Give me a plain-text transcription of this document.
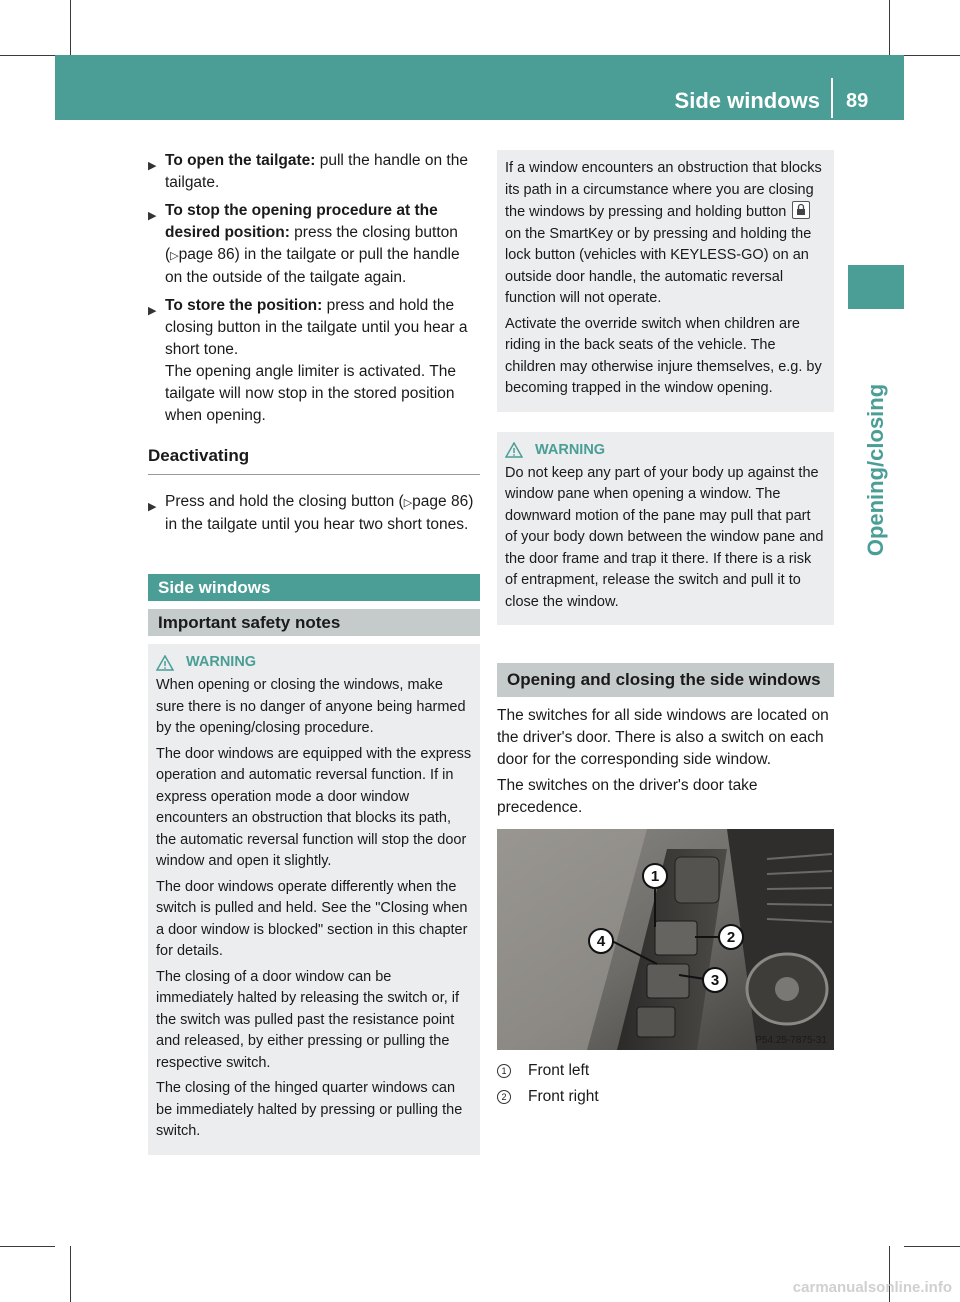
Side windows 89
Opening/closing
▶ To open the tailgate: pull the handle on the tailgate.
▶ To stop the opening procedure at the desired position: press the closing button (▷page 86) in the tailgate or pull the handle on the outside of the tailgate again.
▶ To store the position: press and hold the closing button in the tailgate until you hear a short tone.
The opening angle limiter is activated. The tailgate will now stop in the stored position when opening.
Deactivating
▶ Press and hold the closing button (▷page 86) in the tailgate until you hear two short tones.
Side windows
Important safety notes
WARNING

When opening or closing the windows, make sure there is no danger of anyone being harmed by the opening/closing procedure.

The door windows are equipped with the express operation and automatic reversal function. If in express operation mode a door window encounters an obstruction that blocks its path, the automatic reversal function will stop the door window and open it slightly.

The door windows operate differently when the switch is pulled and held. See the "Closing when a door window is blocked" section in this chapter for details.

The closing of a door window can be immediately halted by releasing the switch or, if the switch was pulled past the resistance point and released, by either pressing or pulling the respective switch.

The closing of the hinged quarter windows can be immediately halted by pressing or pulling the switch.

If a window encounters an obstruction that blocks its path in a circumstance where you are closing the windows by pressing and holding button
on the SmartKey or by pressing and holding the lock button (vehicles with KEYLESS-GO) on an outside door handle, the automatic reversal function will not operate.

Activate the override switch when children are riding in the back seats of the vehicle. The children may otherwise injure themselves, e.g. by becoming trapped in the window opening.

WARNING

Do not keep any part of your body up against the window pane when opening a window. The downward motion of the pane may pull that part of your body down between the window pane and the door frame and trap it there. If there is a risk of entrapment, release the switch and pull it to close the window.

Opening and closing the side windows

The switches for all side windows are located on the driver's door. There is also a switch on each door for the corresponding side window.

The switches on the driver's door take precedence.

1
2
3
4
P54.25-7875-31
1 Front left
2 Front right
carmanualsonline.info
